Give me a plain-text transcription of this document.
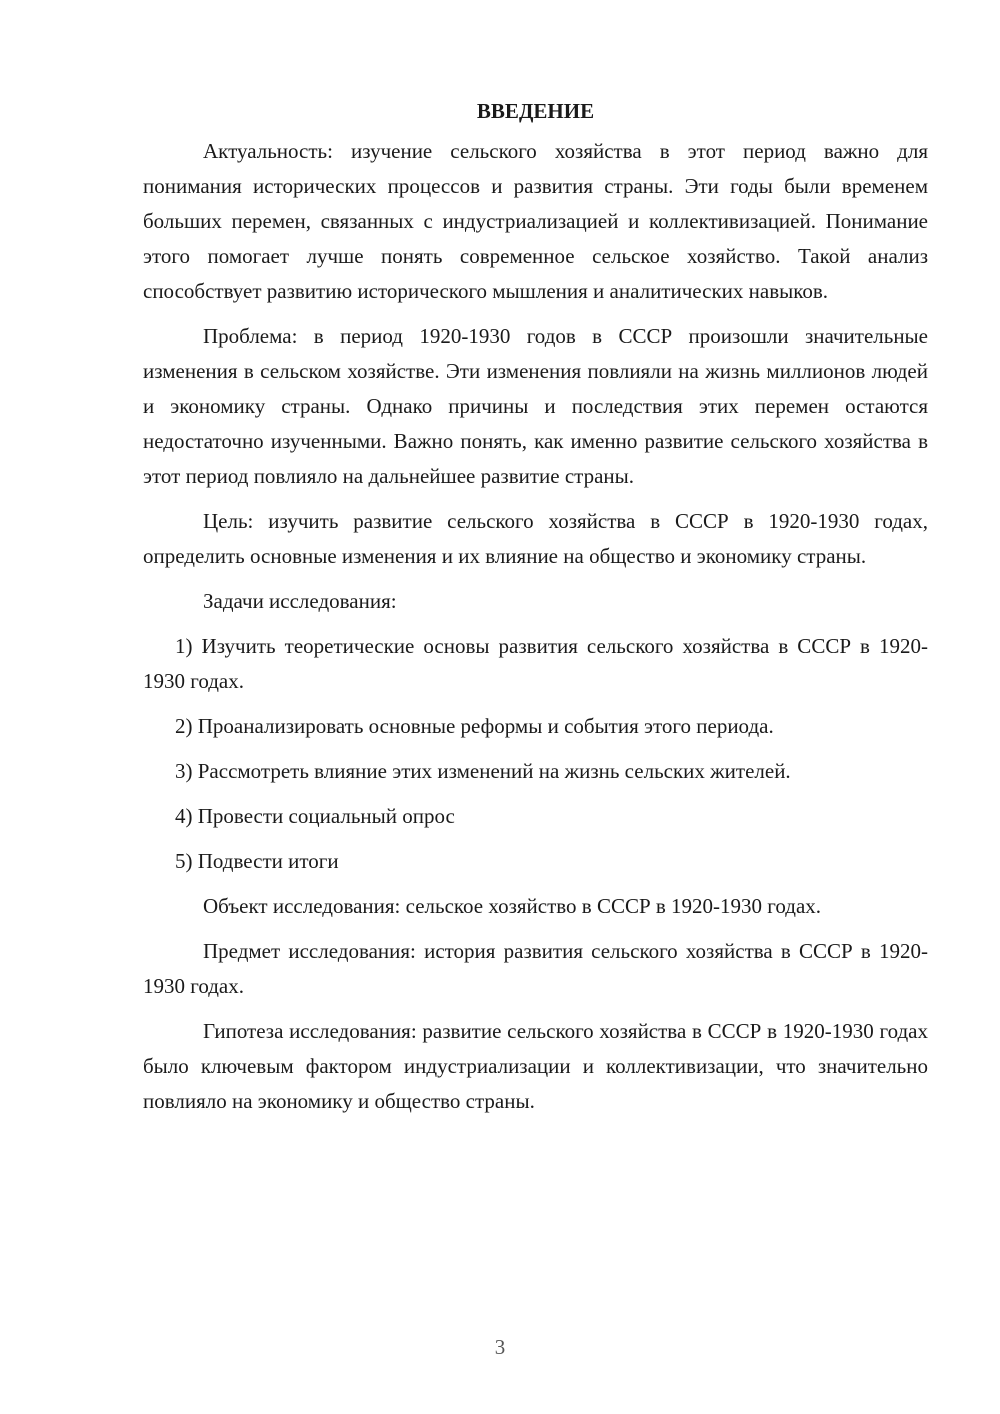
ВВЕДЕНИЕ

Актуальность: изучение сельского хозяйства в этот период важно для понимания исторических процессов и развития страны. Эти годы были временем больших перемен, связанных с индустриализацией и коллективизацией. Понимание этого помогает лучше понять современное сельское хозяйство. Такой анализ способствует развитию исторического мышления и аналитических навыков.

Проблема: в период 1920-1930 годов в СССР произошли значительные изменения в сельском хозяйстве. Эти изменения повлияли на жизнь миллионов людей и экономику страны. Однако причины и последствия этих перемен остаются недостаточно изученными. Важно понять, как именно развитие сельского хозяйства в этот период повлияло на дальнейшее развитие страны.

Цель: изучить развитие сельского хозяйства в СССР в 1920-1930 годах, определить основные изменения и их влияние на общество и экономику страны.

Задачи исследования:

1) Изучить теоретические основы развития сельского хозяйства в СССР в 1920-1930 годах.

2) Проанализировать основные реформы и события этого периода.

3) Рассмотреть влияние этих изменений на жизнь сельских жителей.

4) Провести социальный опрос

5) Подвести итоги

Объект исследования: сельское хозяйство в СССР в 1920-1930 годах.

Предмет исследования: история развития сельского хозяйства в СССР в 1920-1930 годах.

Гипотеза исследования: развитие сельского хозяйства в СССР в 1920-1930 годах было ключевым фактором индустриализации и коллективизации, что значительно повлияло на экономику и общество страны.

3
